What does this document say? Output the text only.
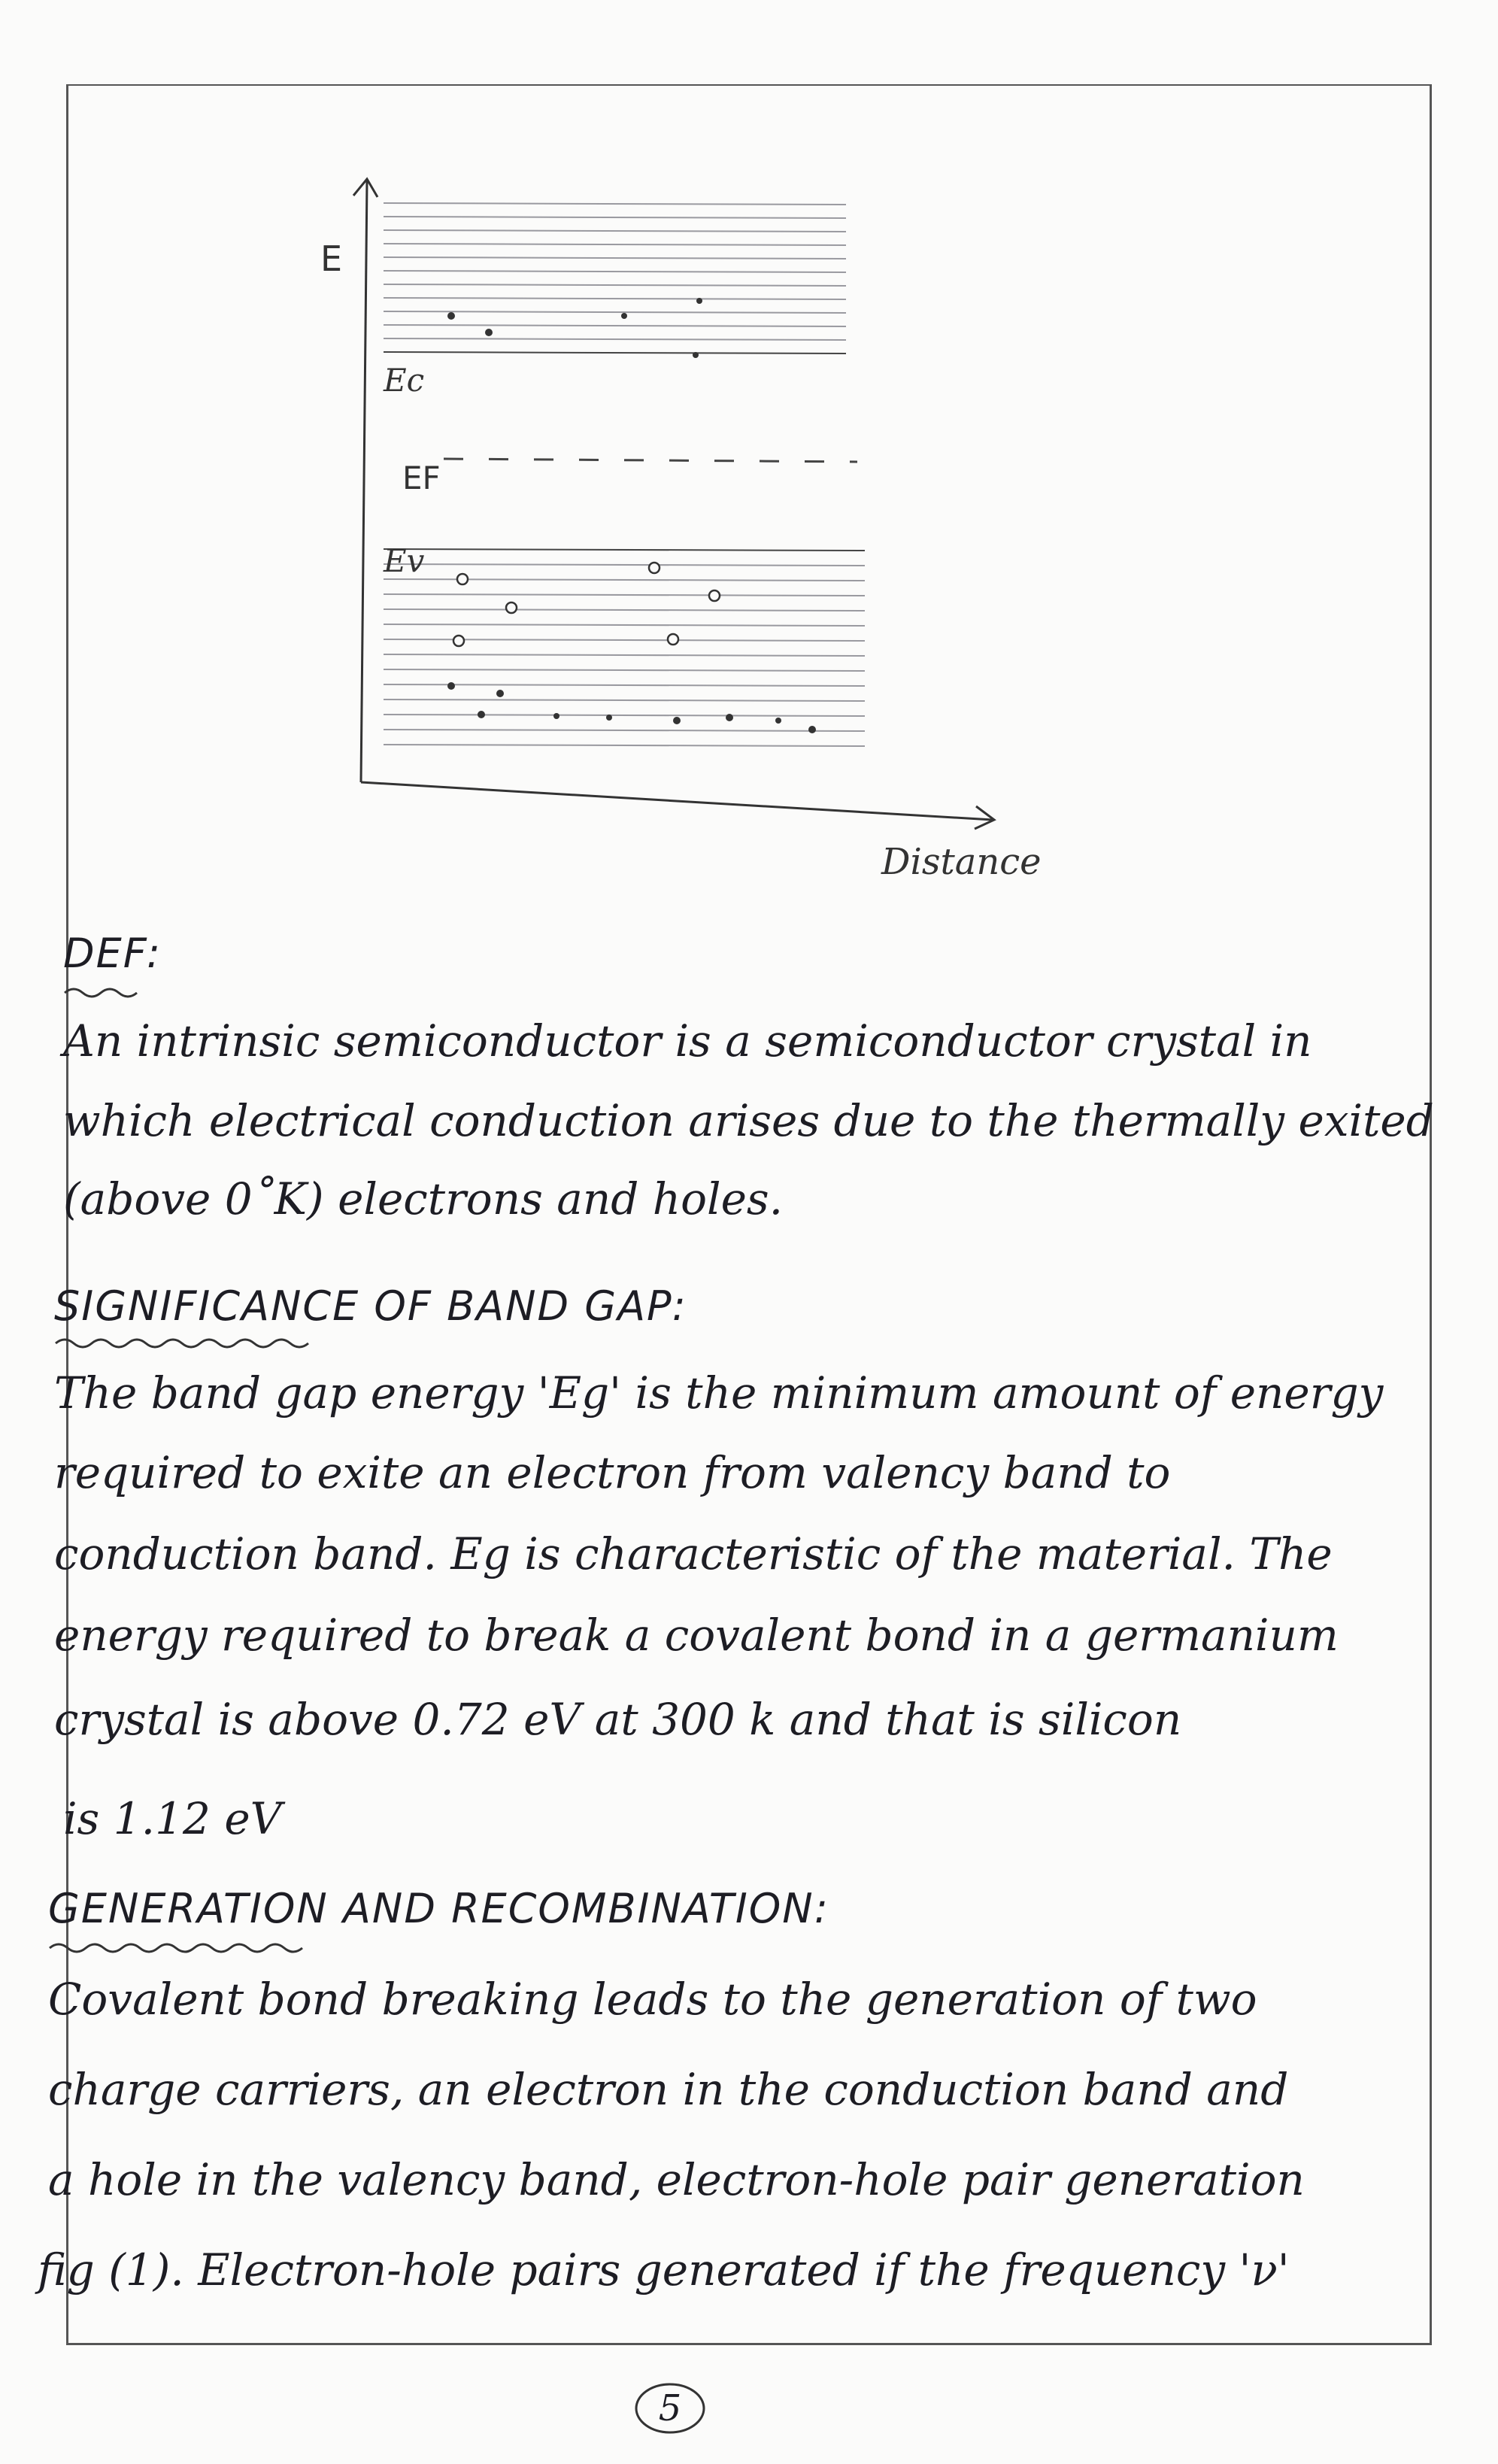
E
Ec
EF
Ev
Distance
DEF:
An intrinsic semiconductor is a semiconductor crystal in
which electrical conduction arises due to the thermally exited
(above 0˚K) electrons and holes.
SIGNIFICANCE OF BAND GAP:
The band gap energy 'Eg' is the minimum amount of energy
required to exite an electron from valency band to
conduction band. Eg is characteristic of the material. The
energy required to break a covalent bond in a germanium
crystal is above 0.72 eV at 300 k and that is silicon
is 1.12 eV
GENERATION AND RECOMBINATION:
Covalent bond breaking leads to the generation of two
charge carriers, an electron in the conduction band and
a hole in the valency band, electron-hole pair generation
fig (1). Electron-hole pairs generated if the frequency 'ν'
5
